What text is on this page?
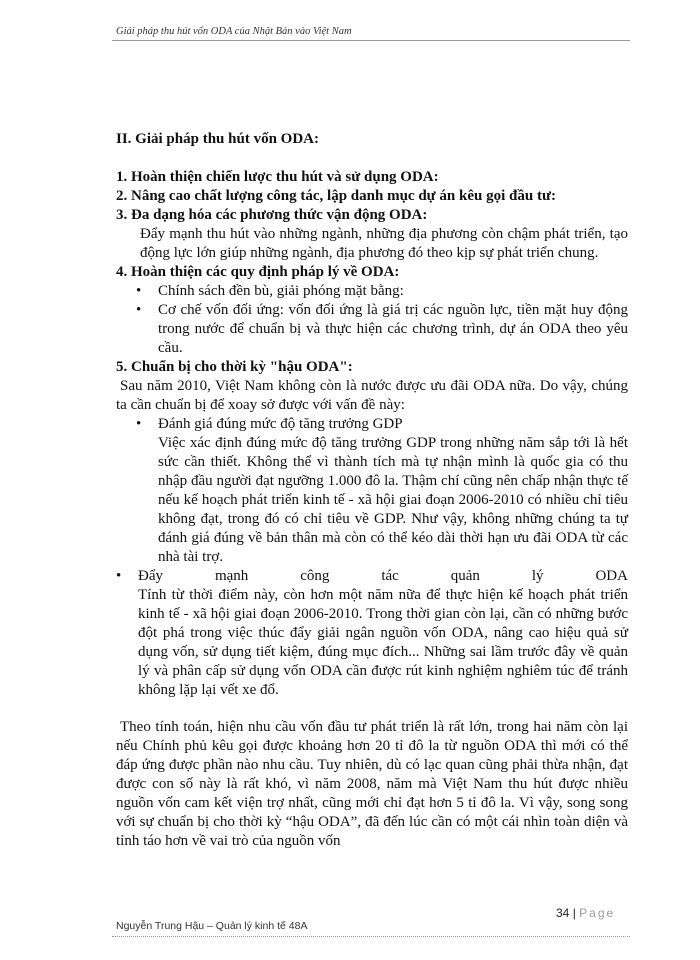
Giải pháp thu hút vốn ODA của Nhật Bản vào Việt Nam
II. Giải pháp thu hút vốn ODA:
1. Hoàn thiện chiến lược thu hút và sử dụng ODA:
2. Nâng cao chất lượng công tác, lập danh mục dự án kêu gọi đầu tư:
3. Đa dạng hóa các phương thức vận động ODA:

Đẩy mạnh thu hút vào những ngành, những địa phương còn chậm phát triển, tạo động lực lớn giúp những ngành, địa phương đó theo kịp sự phát triển chung.

4. Hoàn thiện các quy định pháp lý về ODA:
• Chính sách đền bù, giải phóng mặt bằng:
• Cơ chế vốn đối ứng: vốn đối ứng là giá trị các nguồn lực, tiền mặt huy động trong nước để chuẩn bị và thực hiện các chương trình, dự án ODA theo yêu cầu.
5. Chuẩn bị cho thời kỳ "hậu ODA":

Sau năm 2010, Việt Nam không còn là nước được ưu đãi ODA nữa. Do vậy, chúng ta cần chuẩn bị để xoay sở được với vấn đề này:

• Đánh giá đúng mức độ tăng trưởng GDP
Việc xác định đúng mức độ tăng trưởng GDP trong những năm sắp tới là hết sức cần thiết. Không thể vì thành tích mà tự nhận mình là quốc gia có thu nhập đầu người đạt ngưỡng 1.000 đô la. Thậm chí cũng nên chấp nhận thực tế nếu kế hoạch phát triển kinh tế - xã hội giai đoạn 2006-2010 có nhiều chỉ tiêu không đạt, trong đó có chỉ tiêu về GDP. Như vậy, không những chúng ta tự đánh giá đúng về bản thân mà còn có thể kéo dài thời hạn ưu đãi ODA từ các nhà tài trợ.
• Đẩy	mạnh	công	tác	quản	lý	ODA

Tính từ thời điểm này, còn hơn một năm nữa để thực hiện kế hoạch phát triển kinh tế - xã hội giai đoạn 2006-2010. Trong thời gian còn lại, cần có những bước đột phá trong việc thúc đẩy giải ngân nguồn vốn ODA, nâng cao hiệu quả sử dụng vốn, sử dụng tiết kiệm, đúng mục đích... Những sai lầm trước đây về quản lý và phân cấp sử dụng vốn ODA cần được rút kinh nghiệm nghiêm túc để tránh không lặp lại vết xe đổ.

Theo tính toán, hiện nhu cầu vốn đầu tư phát triển là rất lớn, trong hai năm còn lại nếu Chính phủ kêu gọi được khoảng hơn 20 tỉ đô la từ nguồn ODA thì mới có thể đáp ứng được phần nào nhu cầu. Tuy nhiên, dù có lạc quan cũng phải thừa nhận, đạt được con số này là rất khó, vì năm 2008, năm mà Việt Nam thu hút được nhiều nguồn vốn cam kết viện trợ nhất, cũng mới chỉ đạt hơn 5 tỉ đô la. Vì vậy, song song với sự chuẩn bị cho thời kỳ “hậu ODA”, đã đến lúc cần có một cái nhìn toàn diện và tỉnh táo hơn về vai trò của nguồn vốn

34 | Page
Nguyễn Trung Hậu – Quản lý kinh tế 48A
